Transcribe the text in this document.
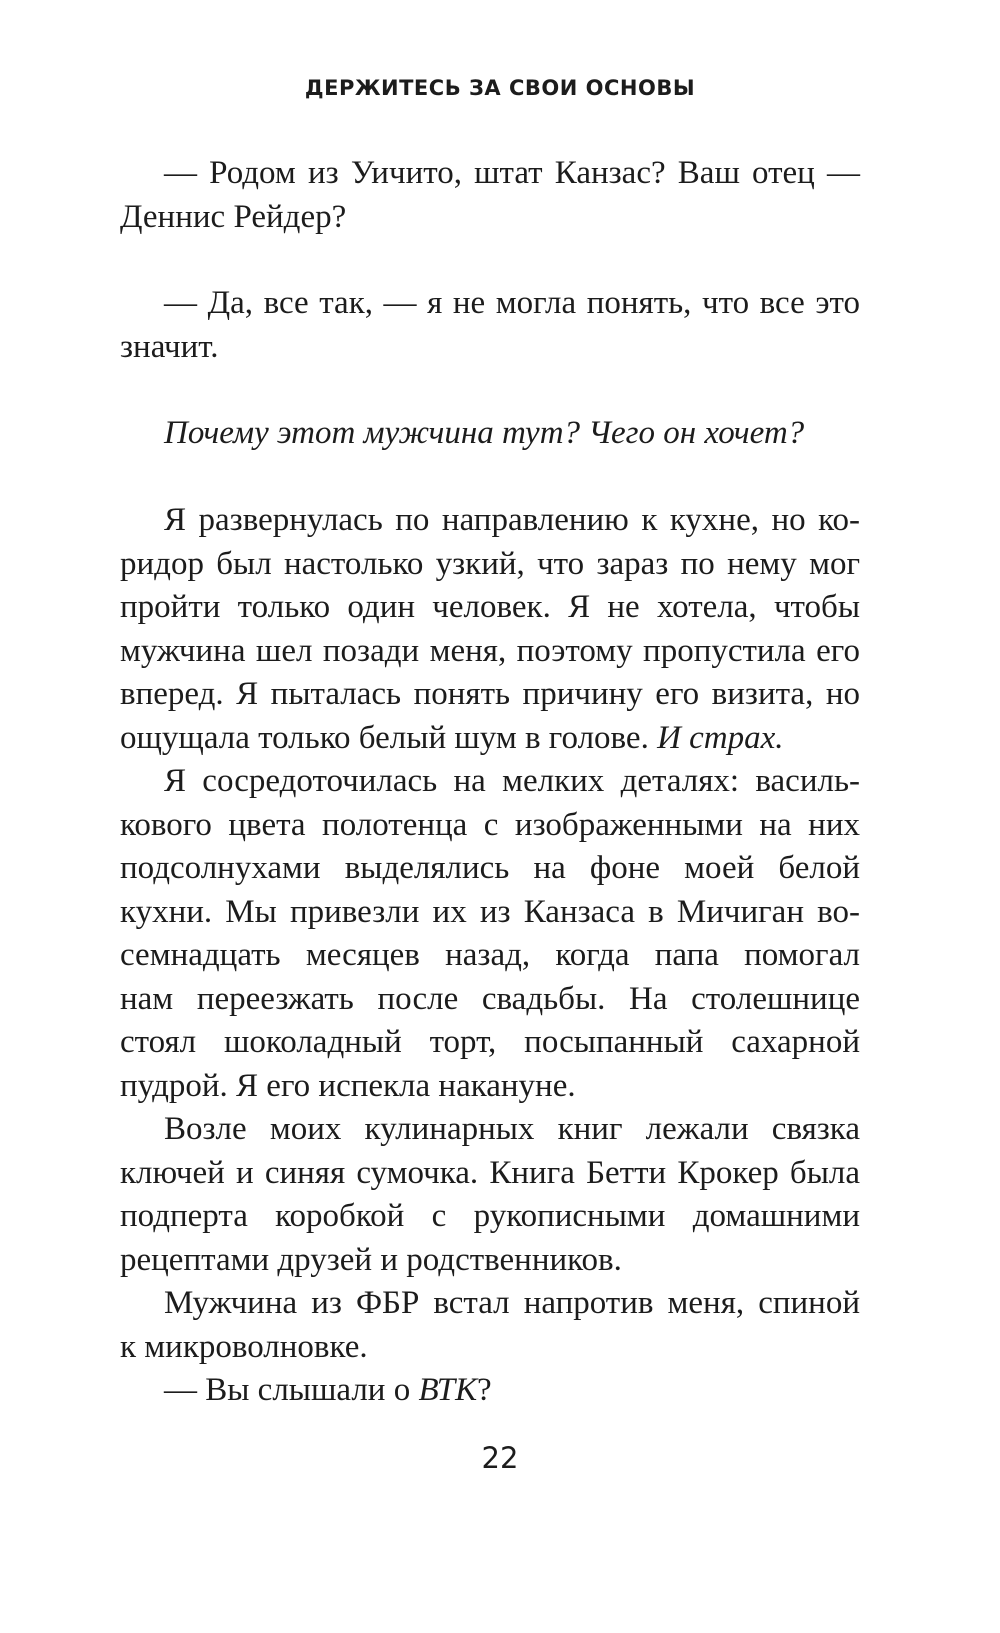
ДЕРЖИТЕСЬ ЗА СВОИ ОСНОВЫ
— Родом из Уичито, штат Канзас? Ваш отец —
Деннис Рейдер?
— Да, все так, — я не могла понять, что все это
значит.
Почему этот мужчина тут? Чего он хочет?
Я развернулась по направлению к кухне, но ко-
ридор был настолько узкий, что зараз по нему мог
пройти только один человек. Я не хотела, чтобы
мужчина шел позади меня, поэтому пропустила его
вперед. Я пыталась понять причину его визита, но
ощущала только белый шум в голове. И страх.
Я сосредоточилась на мелких деталях: василь-
кового цвета полотенца с изображенными на них
подсолнухами выделялись на фоне моей белой
кухни. Мы привезли их из Канзаса в Мичиган во-
семнадцать месяцев назад, когда папа помогал
нам переезжать после свадьбы. На столешнице
стоял шоколадный торт, посыпанный сахарной
пудрой. Я его испекла накануне.
Возле моих кулинарных книг лежали связка
ключей и синяя сумочка. Книга Бетти Крокер была
подперта коробкой с рукописными домашними
рецептами друзей и родственников.
Мужчина из ФБР встал напротив меня, спиной
к микроволновке.
— Вы слышали о ВТК?
22
